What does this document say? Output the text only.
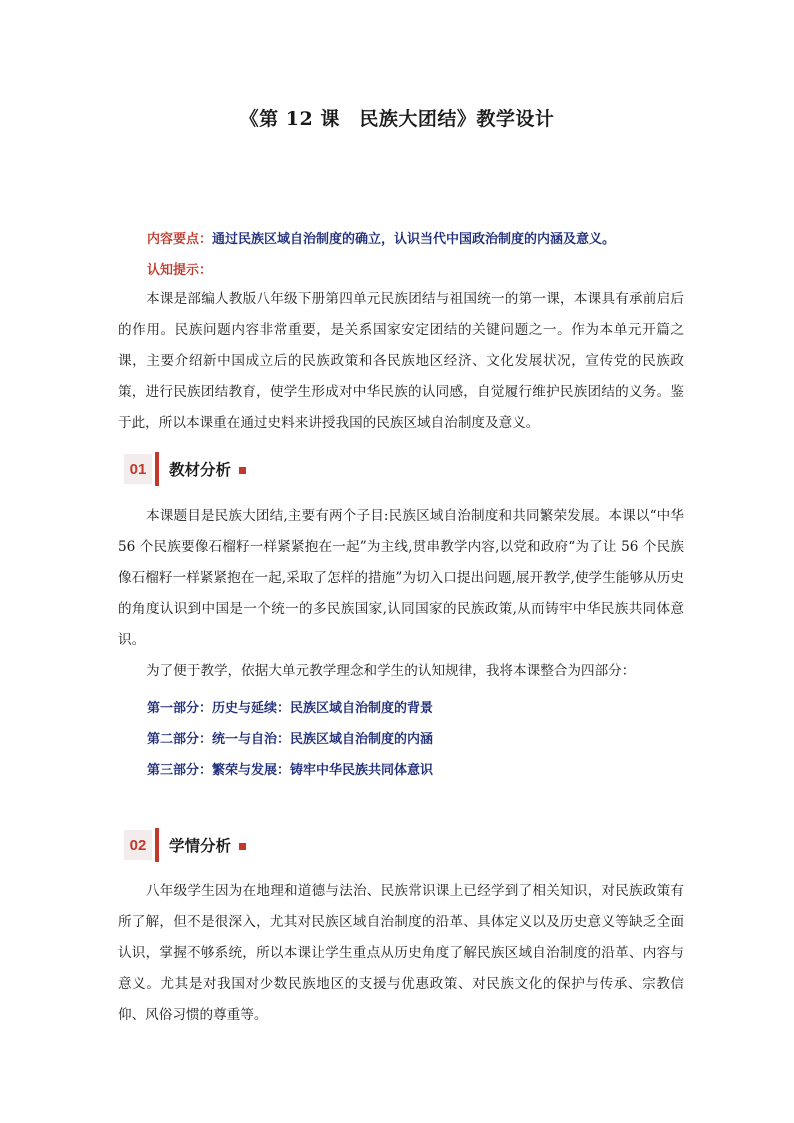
《第 12 课　民族大团结》教学设计
内容要点：通过民族区域自治制度的确立，认识当代中国政治制度的内涵及意义。
认知提示：
本课是部编人教版八年级下册第四单元民族团结与祖国统一的第一课，本课具有承前启后的作用。民族问题内容非常重要，是关系国家安定团结的关键问题之一。作为本单元开篇之课，主要介绍新中国成立后的民族政策和各民族地区经济、文化发展状况，宣传党的民族政策，进行民族团结教育，使学生形成对中华民族的认同感，自觉履行维护民族团结的义务。鉴于此，所以本课重在通过史料来讲授我国的民族区域自治制度及意义。
01	教材分析
本课题目是民族大团结,主要有两个子目:民族区域自治制度和共同繁荣发展。本课以“中华 56 个民族要像石榴籽一样紧紧抱在一起”为主线,贯串教学内容,以党和政府“为了让 56 个民族像石榴籽一样紧紧抱在一起,采取了怎样的措施”为切入口提出问题,展开教学,使学生能够从历史的角度认识到中国是一个统一的多民族国家,认同国家的民族政策,从而铸牢中华民族共同体意识。
为了便于教学，依据大单元教学理念和学生的认知规律，我将本课整合为四部分：
第一部分：历史与延续：民族区域自治制度的背景
第二部分：统一与自治：民族区域自治制度的内涵
第三部分：繁荣与发展：铸牢中华民族共同体意识
02	学情分析
八年级学生因为在地理和道德与法治、民族常识课上已经学到了相关知识，对民族政策有所了解，但不是很深入，尤其对民族区域自治制度的沿革、具体定义以及历史意义等缺乏全面认识，掌握不够系统，所以本课让学生重点从历史角度了解民族区域自治制度的沿革、内容与意义。尤其是对我国对少数民族地区的支援与优惠政策、对民族文化的保护与传承、宗教信仰、风俗习惯的尊重等。
